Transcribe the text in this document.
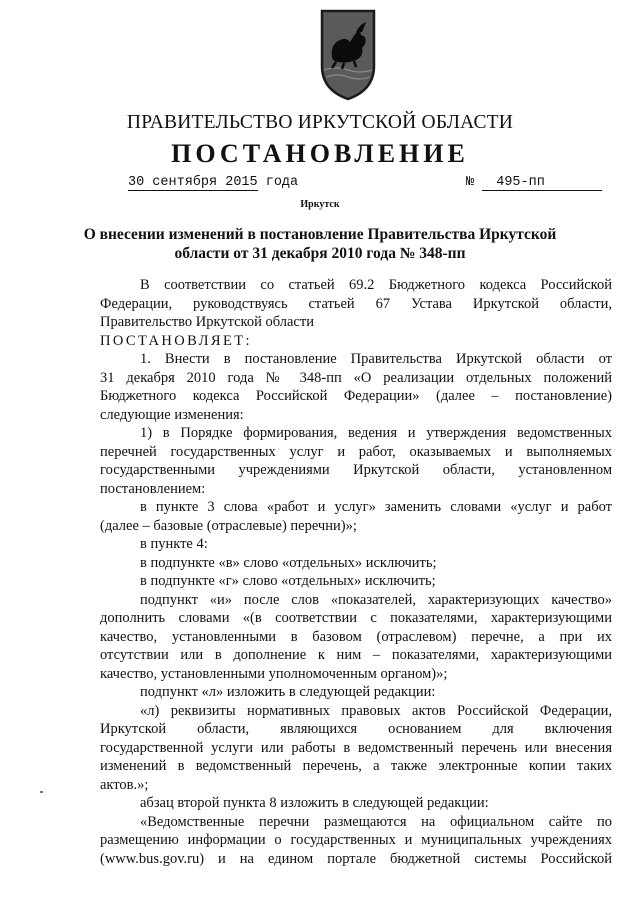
ПРАВИТЕЛЬСТВО ИРКУТСКОЙ ОБЛАСТИ
ПОСТАНОВЛЕНИЕ
30 сентября 2015 года	№ 495-пп
Иркутск
О внесении изменений в постановление Правительства Иркутской
области от 31 декабря 2010 года № 348-пп
В соответствии со статьей 69.2 Бюджетного кодекса Российской
Федерации, руководствуясь статьей 67 Устава Иркутской области,
Правительство Иркутской области
ПОСТАНОВЛЯЕТ:
1. Внести в постановление Правительства Иркутской области от
31 декабря 2010 года № 348-пп «О реализации отдельных положений
Бюджетного кодекса Российской Федерации» (далее – постановление)
следующие изменения:
1) в Порядке формирования, ведения и утверждения ведомственных
перечней государственных услуг и работ, оказываемых и выполняемых
государственными учреждениями Иркутской области, установленном
постановлением:
в пункте 3 слова «работ и услуг» заменить словами «услуг и работ
(далее – базовые (отраслевые) перечни)»;
в пункте 4:
в подпункте «в» слово «отдельных» исключить;
в подпункте «г» слово «отдельных» исключить;
подпункт «и» после слов «показателей, характеризующих качество»
дополнить словами «(в соответствии с показателями, характеризующими
качество, установленными в базовом (отраслевом) перечне, а при их
отсутствии или в дополнение к ним – показателями, характеризующими
качество, установленными уполномоченным органом)»;
подпункт «л» изложить в следующей редакции:
«л) реквизиты нормативных правовых актов Российской Федерации,
Иркутской области, являющихся основанием для включения
государственной услуги или работы в ведомственный перечень или внесения
изменений в ведомственный перечень, а также электронные копии таких
актов.»;
абзац второй пункта 8 изложить в следующей редакции:
«Ведомственные перечни размещаются на официальном сайте по
размещению информации о государственных и муниципальных учреждениях
(www.bus.gov.ru) и на едином портале бюджетной системы Российской
